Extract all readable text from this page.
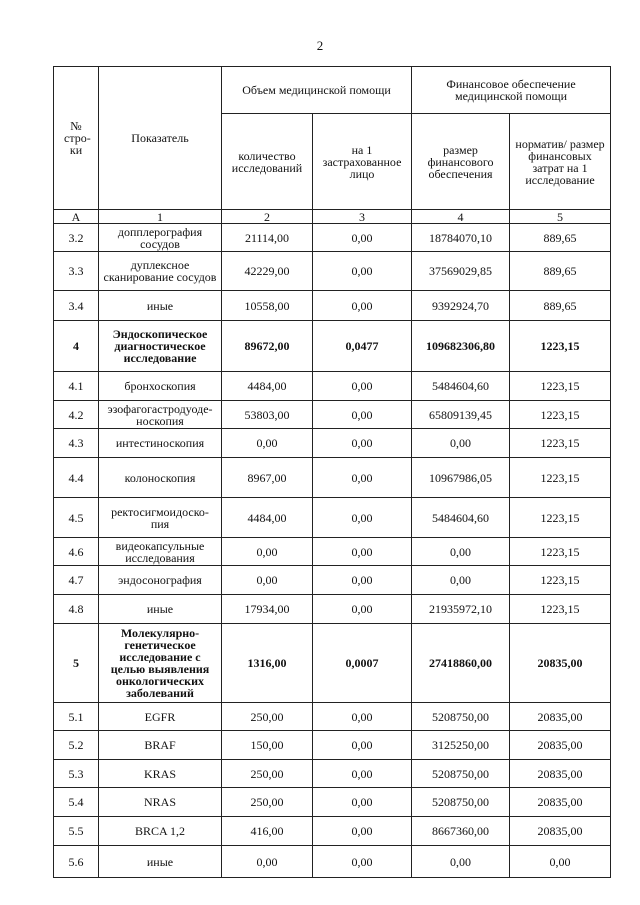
2
№ стро-ки	Показатель	Объем медицинской помощи		Финансовое обеспечение медицинской помощи	
		количество исследований	на 1 застрахованное лицо	размер финансового обеспечения	норматив/ размер финансовых затрат на 1 исследование
А	1	2	3	4	5
3.2	допплерография сосудов	21114,00	0,00	18784070,10	889,65
3.3	дуплексное сканирование сосудов	42229,00	0,00	37569029,85	889,65
3.4	иные	10558,00	0,00	9392924,70	889,65
4	Эндоскопическое диагностическое исследование	89672,00	0,0477	109682306,80	1223,15
4.1	бронхоскопия	4484,00	0,00	5484604,60	1223,15
4.2	эзофагогастродуоде-носкопия	53803,00	0,00	65809139,45	1223,15
4.3	интестиноскопия	0,00	0,00	0,00	1223,15
4.4	колоноскопия	8967,00	0,00	10967986,05	1223,15
4.5	ректосигмоидоско-пия	4484,00	0,00	5484604,60	1223,15
4.6	видеокапсульные исследования	0,00	0,00	0,00	1223,15
4.7	эндосонография	0,00	0,00	0,00	1223,15
4.8	иные	17934,00	0,00	21935972,10	1223,15
5	Молекулярно-генетическое исследование с целью выявления онкологических заболеваний	1316,00	0,0007	27418860,00	20835,00
5.1	EGFR	250,00	0,00	5208750,00	20835,00
5.2	BRAF	150,00	0,00	3125250,00	20835,00
5.3	KRAS	250,00	0,00	5208750,00	20835,00
5.4	NRAS	250,00	0,00	5208750,00	20835,00
5.5	BRCA 1,2	416,00	0,00	8667360,00	20835,00
5.6	иные	0,00	0,00	0,00	0,00
